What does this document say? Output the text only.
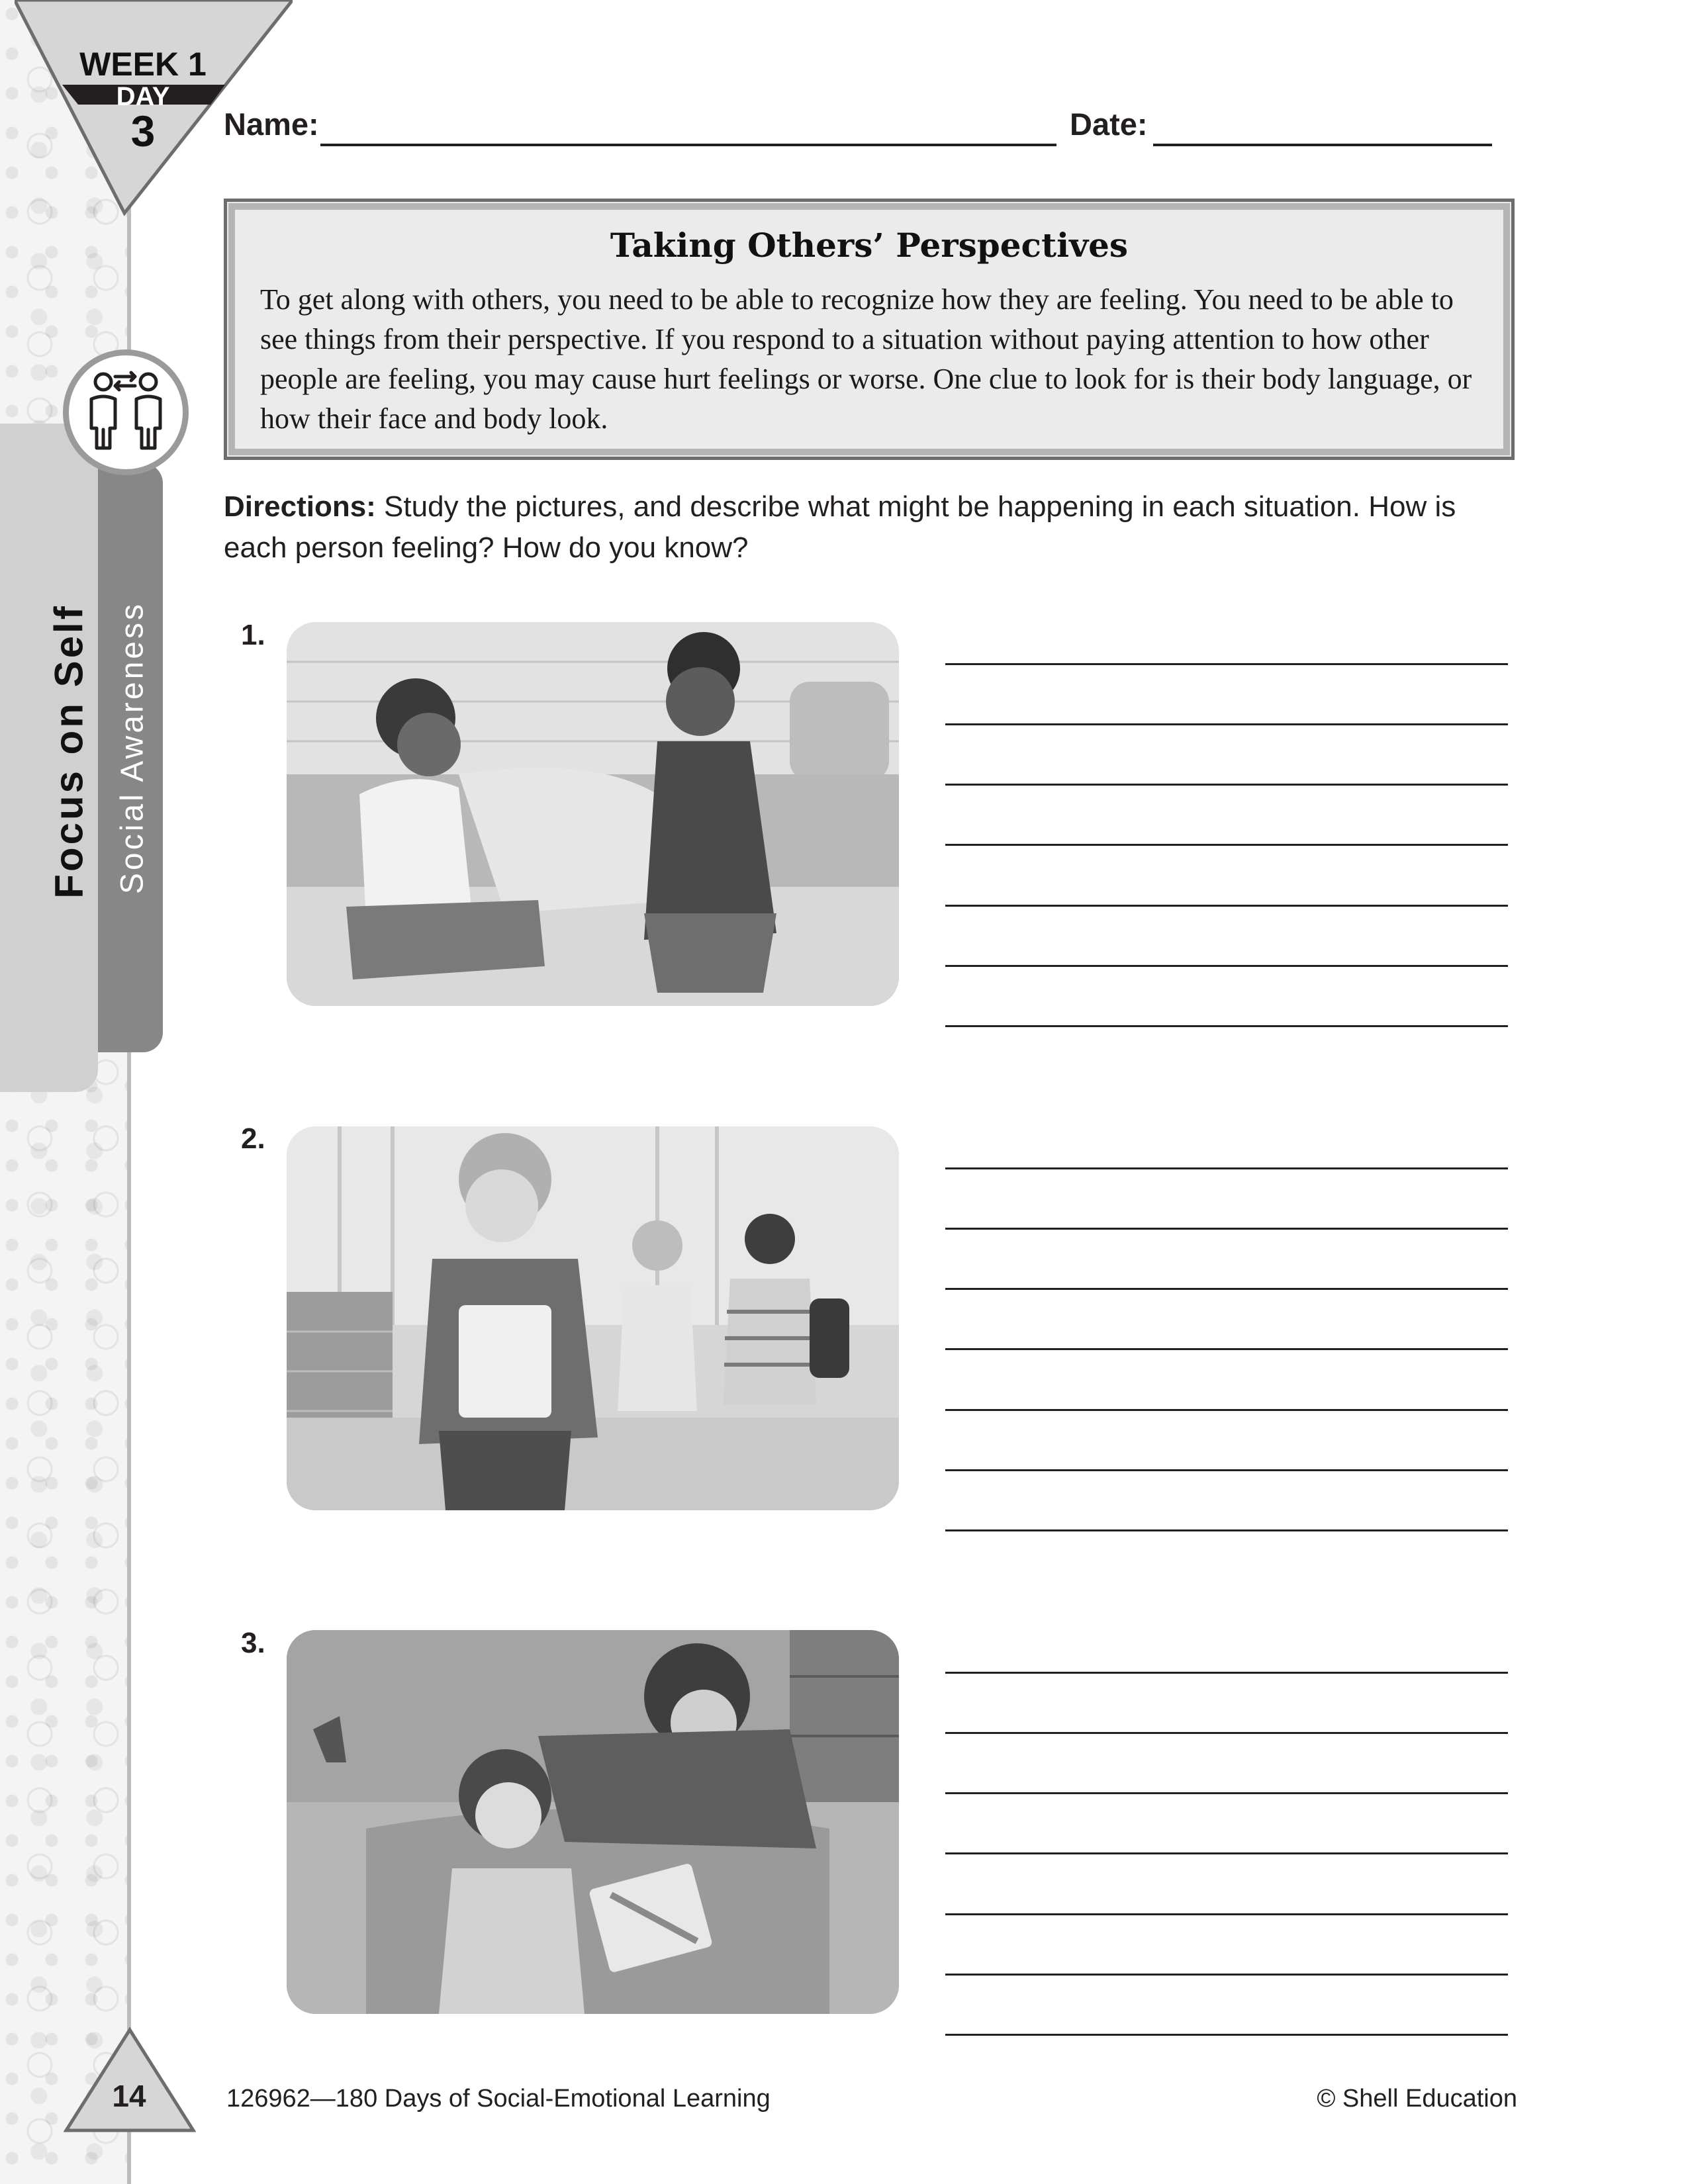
Focus on Self Social Awareness
WEEK 1
DAY
3
14
Name:	Date:
Taking Others’ Perspectives

To get along with others, you need to be able to recognize how they are feeling. You need to be able to see things from their perspective. If you respond to a situation without paying attention to how other people are feeling, you may cause hurt feelings or worse. One clue to look for is their body language, or how their face and body look.

Directions: Study the pictures, and describe what might be happening in each situation. How is each person feeling? How do you know?

1.
2.
3.
126962—180 Days of Social-Emotional Learning	© Shell Education
